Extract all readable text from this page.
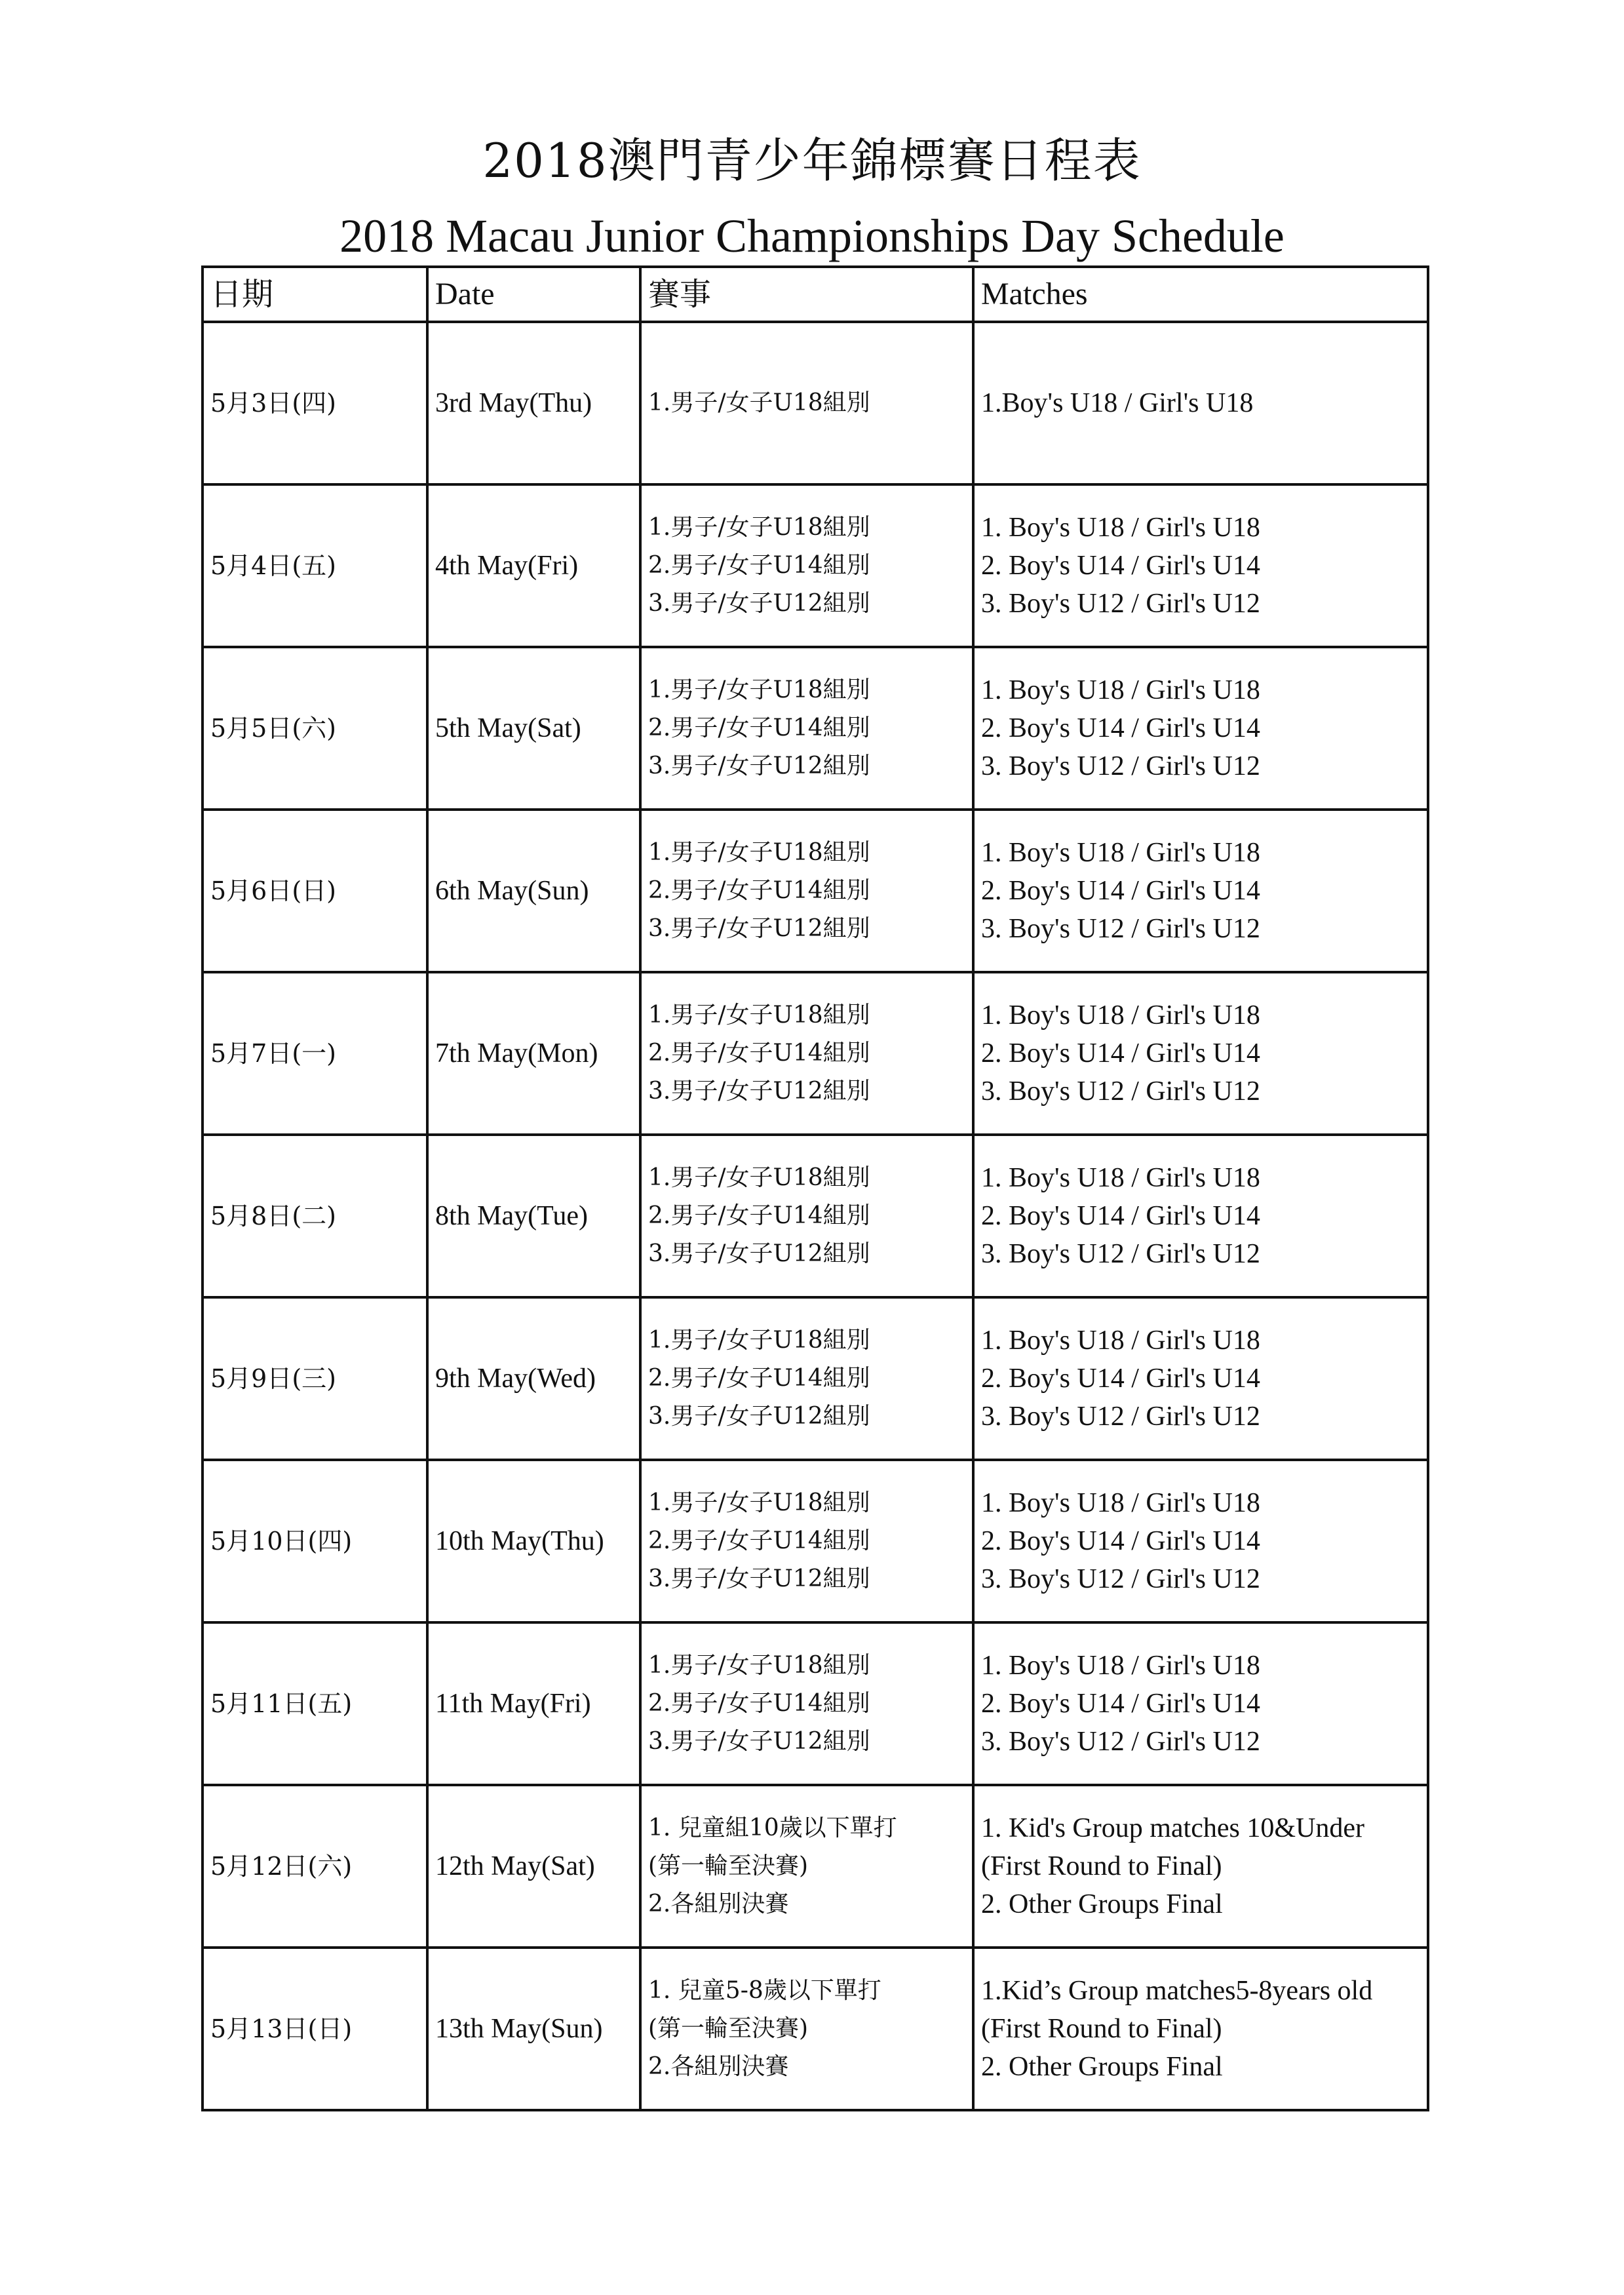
2018澳門青少年錦標賽日程表
2018 Macau Junior Championships Day Schedule
日期	Date	賽事	Matches
5月3日(四)	3rd May(Thu)	1.男子/女子U18組別	1.Boy's U18 / Girl's U18

5月4日(五)	4th May(Fri)	1.男子/女子U18組別
2.男子/女子U14組別
3.男子/女子U12組別	1. Boy's U18 / Girl's U18
2. Boy's U14 / Girl's U14
3. Boy's U12 / Girl's U12

5月5日(六)	5th May(Sat)	1.男子/女子U18組別
2.男子/女子U14組別
3.男子/女子U12組別	1. Boy's U18 / Girl's U18
2. Boy's U14 / Girl's U14
3. Boy's U12 / Girl's U12

5月6日(日)	6th May(Sun)	1.男子/女子U18組別
2.男子/女子U14組別
3.男子/女子U12組別	1. Boy's U18 / Girl's U18
2. Boy's U14 / Girl's U14
3. Boy's U12 / Girl's U12

5月7日(一)	7th May(Mon)	1.男子/女子U18組別
2.男子/女子U14組別
3.男子/女子U12組別	1. Boy's U18 / Girl's U18
2. Boy's U14 / Girl's U14
3. Boy's U12 / Girl's U12

5月8日(二)	8th May(Tue)	1.男子/女子U18組別
2.男子/女子U14組別
3.男子/女子U12組別	1. Boy's U18 / Girl's U18
2. Boy's U14 / Girl's U14
3. Boy's U12 / Girl's U12

5月9日(三)	9th May(Wed)	1.男子/女子U18組別
2.男子/女子U14組別
3.男子/女子U12組別	1. Boy's U18 / Girl's U18
2. Boy's U14 / Girl's U14
3. Boy's U12 / Girl's U12

5月10日(四)	10th May(Thu)	1.男子/女子U18組別
2.男子/女子U14組別
3.男子/女子U12組別	1. Boy's U18 / Girl's U18
2. Boy's U14 / Girl's U14
3. Boy's U12 / Girl's U12

5月11日(五)	11th May(Fri)	1.男子/女子U18組別
2.男子/女子U14組別
3.男子/女子U12組別	1. Boy's U18 / Girl's U18
2. Boy's U14 / Girl's U14
3. Boy's U12 / Girl's U12

5月12日(六)	12th May(Sat)	1. 兒童組10歲以下單打
(第一輪至決賽)
2.各組別決賽	1. Kid's Group matches 10&Under
(First Round to Final)
2. Other Groups Final

5月13日(日)	13th May(Sun)	1. 兒童5-8歲以下單打
(第一輪至決賽)
2.各組別決賽	1.Kid’s Group matches5-8years old
(First Round to Final)
2. Other Groups Final
